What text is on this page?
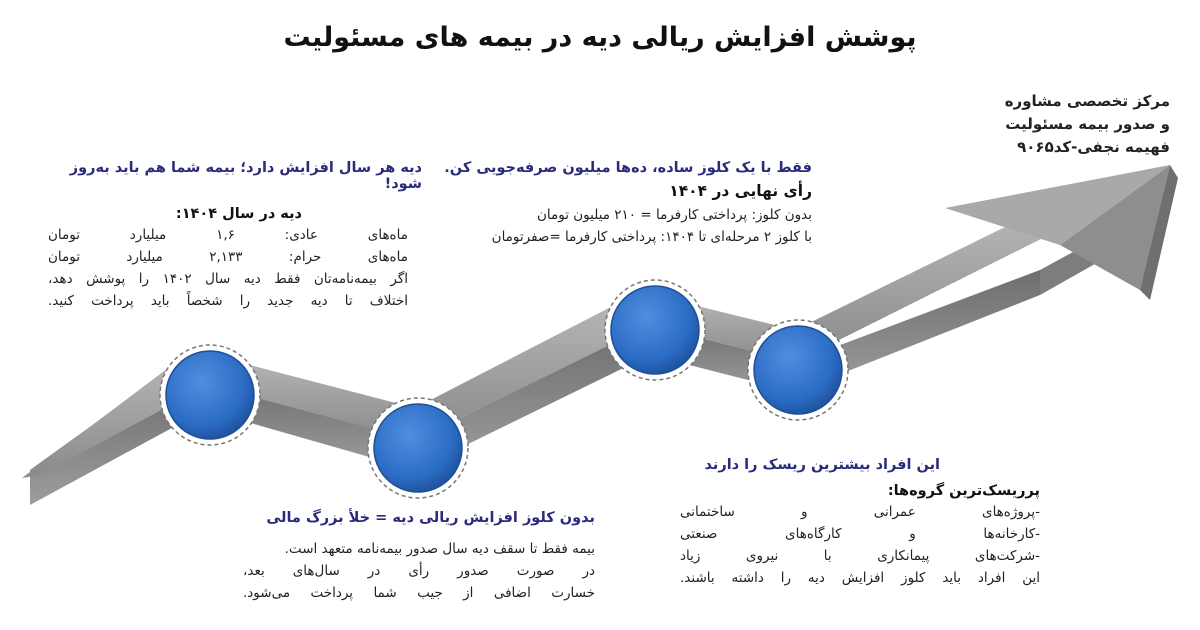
پوشش افزایش ریالی دیه در بیمه های مسئولیت
مرکز تخصصی مشاوره
و صدور بیمه مسئولیت
فهیمه نجفی-کد۹۰۶۵
دیه هر سال افزایش دارد؛ بیمه شما هم باید به‌روز شود!
دیه در سال ۱۴۰۴:
ماه‌های عادی: ۱,۶ میلیارد تومان
ماه‌های حرام: ۲,۱۳۳ میلیارد تومان
اگر بیمه‌نامه‌تان فقط دیه سال ۱۴۰۲ را پوشش دهد،
اختلاف تا دیه جدید را شخصاً باید پرداخت کنید.
فقط با یک کلوز ساده، ده‌ها میلیون صرفه‌جویی کن.
رأی نهایی در ۱۴۰۴
بدون کلوز: پرداختی کارفرما = ۲۱۰ میلیون تومان
با کلوز ۲ مرحله‌ای تا ۱۴۰۴: پرداختی کارفرما =صفرتومان
بدون کلوز افزایش ریالی دیه = خلأ بزرگ مالی
بیمه فقط تا سقف دیه سال صدور بیمه‌نامه متعهد است.
در صورت صدور رأی در سال‌های بعد،
خسارت اضافی از جیب شما پرداخت می‌شود.
این افراد بیشترین ریسک را دارند
پرریسک‌ترین گروه‌ها:
-پروژه‌های عمرانی و ساختمانی
-کارخانه‌ها و کارگاه‌های صنعتی
-شرکت‌های پیمانکاری با نیروی زیاد
این افراد باید کلوز افزایش دیه را داشته باشند.
